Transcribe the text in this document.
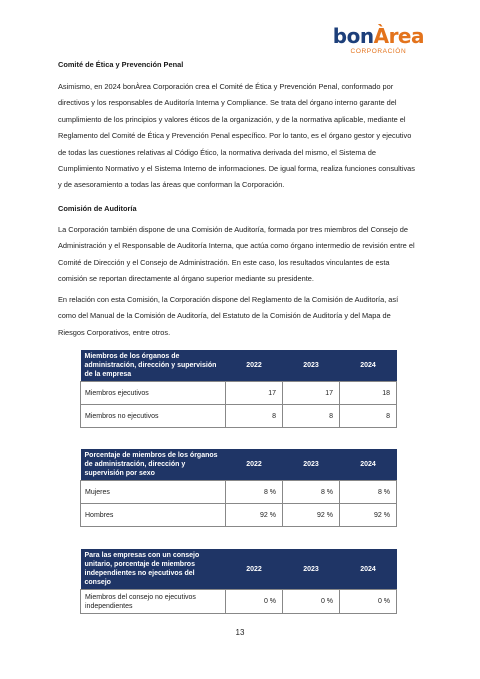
bonÀrea
CORPORACIÓN
Comité de Ética y Prevención Penal
Asimismo, en 2024 bonÀrea Corporación crea el Comité de Ética y Prevención Penal, conformado por directivos y los responsables de Auditoría Interna y Compliance. Se trata del órgano interno garante del cumplimiento de los principios y valores éticos de la organización, y de la normativa aplicable, mediante el Reglamento del Comité de Ética y Prevención Penal específico. Por lo tanto, es el órgano gestor y ejecutivo de todas las cuestiones relativas al Código Ético, la normativa derivada del mismo, el Sistema de Cumplimiento Normativo y el Sistema Interno de informaciones. De igual forma, realiza funciones consultivas y de asesoramiento a todas las áreas que conforman la Corporación.
Comisión de Auditoría
La Corporación también dispone de una Comisión de Auditoría, formada por tres miembros del Consejo de Administración y el Responsable de Auditoría Interna, que actúa como órgano intermedio de revisión entre el Comité de Dirección y el Consejo de Administración. En este caso, los resultados vinculantes de esta comisión se reportan directamente al órgano superior mediante su presidente.
En relación con esta Comisión, la Corporación dispone del Reglamento de la Comisión de Auditoría, así como del Manual de la Comisión de Auditoría, del Estatuto de la Comisión de Auditoría y del Mapa de Riesgos Corporativos, entre otros.
Miembros de los órganos de administración, dirección y supervisión de la empresa	2022	2023	2024
Miembros ejecutivos	17	17	18
Miembros no ejecutivos	8	8	8
Porcentaje de miembros de los órganos de administración, dirección y supervisión por sexo	2022	2023	2024
Mujeres	8 %	8 %	8 %
Hombres	92 %	92 %	92 %
Para las empresas con un consejo unitario, porcentaje de miembros independientes no ejecutivos del consejo	2022	2023	2024
Miembros del consejo no ejecutivos independientes	0 %	0 %	0 %
13
